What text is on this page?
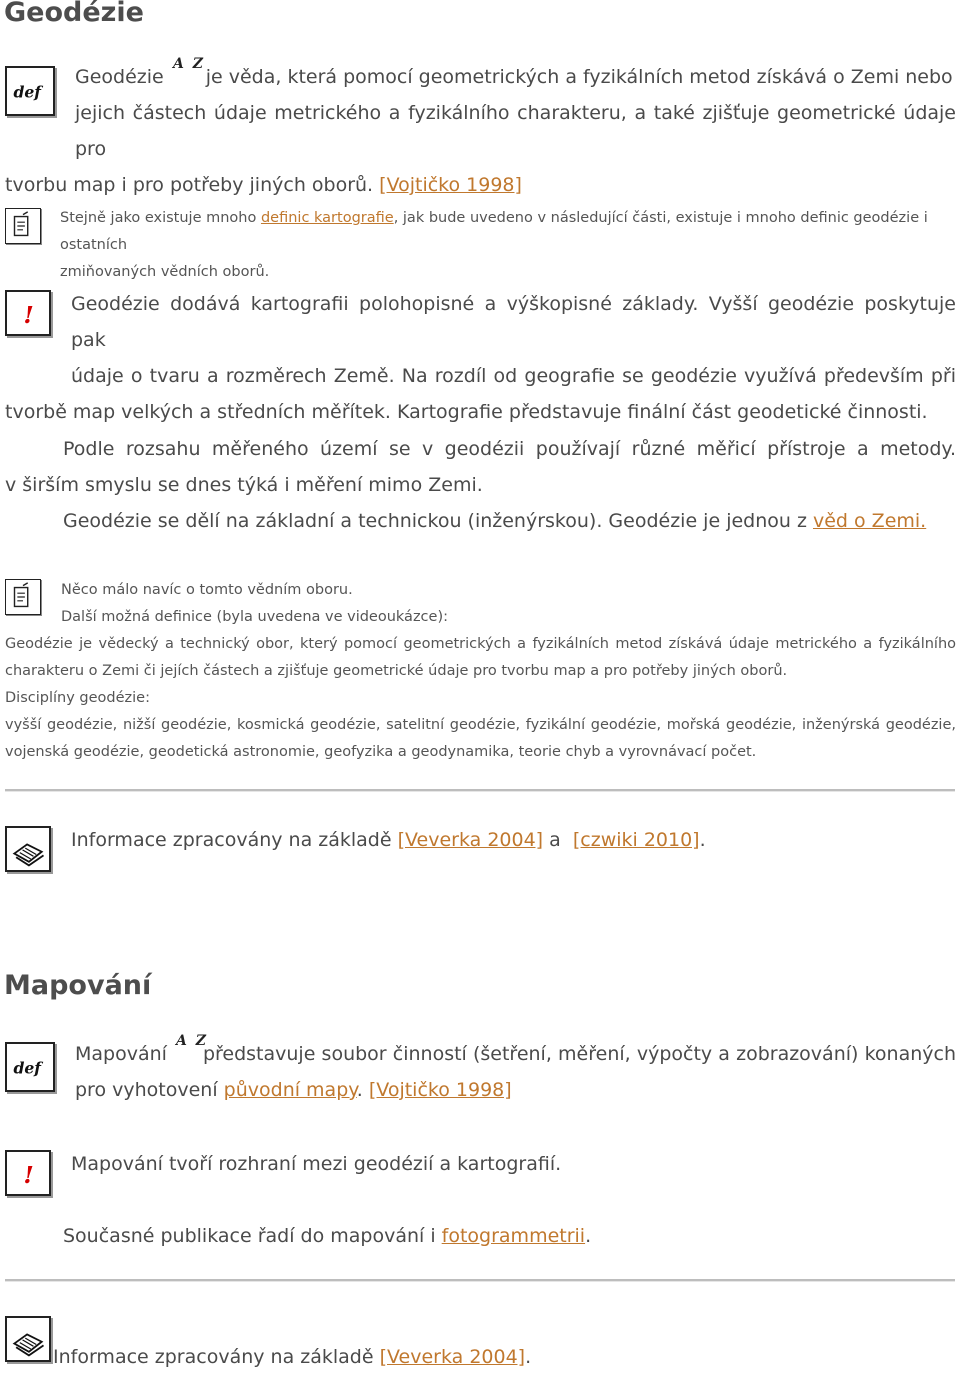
Geodézie
def
A Z
Geodézie je věda, která pomocí geometrických a fyzikálních metod získává o Zemi nebo
jejich částech údaje metrického a fyzikálního charakteru, a také zjišťuje geometrické údaje pro
tvorbu map i pro potřeby jiných oborů. [Vojtičko 1998]
Stejně jako existuje mnoho definic kartografie, jak bude uvedeno v následující části, existuje i mnoho definic geodézie i ostatních
zmiňovaných vědních oborů.
!	Geodézie dodává kartografii polohopisné a výškopisné základy. Vyšší geodézie poskytuje pak
údaje o tvaru a rozměrech Země. Na rozdíl od geografie se geodézie využívá především při
tvorbě map velkých a středních měřítek. Kartografie představuje finální část geodetické činnosti.
Podle rozsahu měřeného území se v geodézii používají různé měřicí přístroje a metody.
v širším smyslu se dnes týká i měření mimo Zemi.
Geodézie se dělí na základní a technickou (inženýrskou). Geodézie je jednou z věd o Zemi.
Něco málo navíc o tomto vědním oboru.
Další možná definice (byla uvedena ve videoukázce):
Geodézie je vědecký a technický obor, který pomocí geometrických a fyzikálních metod získává údaje metrického a fyzikálního
charakteru o Zemi či jejích částech a zjišťuje geometrické údaje pro tvorbu map a pro potřeby jiných oborů.
Disciplíny geodézie:
vyšší geodézie, nižší geodézie, kosmická geodézie, satelitní geodézie, fyzikální geodézie, mořská geodézie, inženýrská geodézie,
vojenská geodézie, geodetická astronomie, geofyzika a geodynamika, teorie chyb a vyrovnávací počet.
Informace zpracovány na základě [Veverka 2004] a  [czwiki 2010].
Mapování
def
A Z
Mapování představuje soubor činností (šetření, měření, výpočty a zobrazování) konaných
pro vyhotovení původní mapy. [Vojtičko 1998]
! Mapování tvoří rozhraní mezi geodézií a kartografií.
Současné publikace řadí do mapování i fotogrammetrii.
Informace zpracovány na základě [Veverka 2004].
